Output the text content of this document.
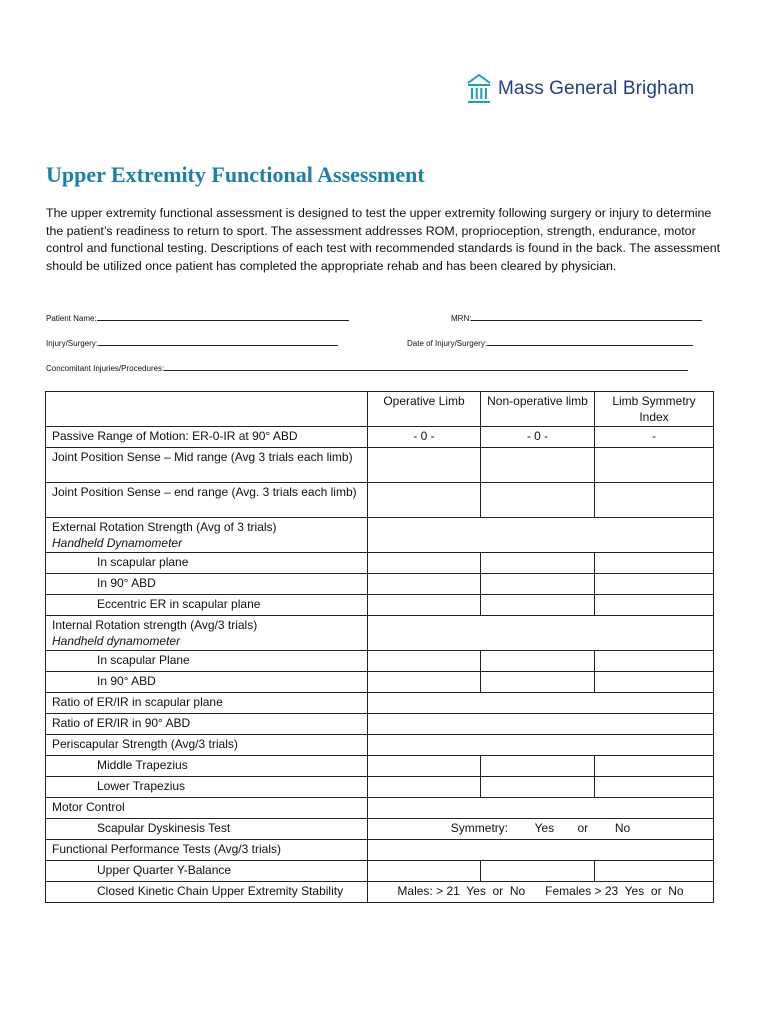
Mass General Brigham
Upper Extremity Functional Assessment

The upper extremity functional assessment is designed to test the upper extremity following surgery or injury to determine the patient’s readiness to return to sport. The assessment addresses ROM, proprioception, strength, endurance, motor control and functional testing. Descriptions of each test with recommended standards is found in the back. The assessment should be utilized once patient has completed the appropriate rehab and has been cleared by physician.

Patient Name:	MRN:
Injury/Surgery:	Date of Injury/Surgery:
Concomitant Injuries/Procedures:
	Operative Limb	Non-operative limb	Limb Symmetry Index
Passive Range of Motion: ER-0-IR at 90° ABD	- 0 -	- 0 -	-
Joint Position Sense – Mid range (Avg 3 trials each limb)			
Joint Position Sense – end range (Avg. 3 trials each limb)			
External Rotation Strength (Avg of 3 trials)
Handheld Dynamometer			

In scapular plane			
In 90° ABD			
Eccentric ER in scapular plane			
Internal Rotation strength (Avg/3 trials)
Handheld dynamometer			

In scapular Plane			
In 90° ABD			
Ratio of ER/IR in scapular plane			
Ratio of ER/IR in 90° ABD			
Periscapular Strength (Avg/3 trials)			
Middle Trapezius			
Lower Trapezius			
Motor Control			
Scapular Dyskinesis Test	Symmetry:        Yes       or        No		
Functional Performance Tests (Avg/3 trials)			
Upper Quarter Y-Balance			
Closed Kinetic Chain Upper Extremity Stability	Males: > 21  Yes  or  No      Females > 23  Yes  or  No		
